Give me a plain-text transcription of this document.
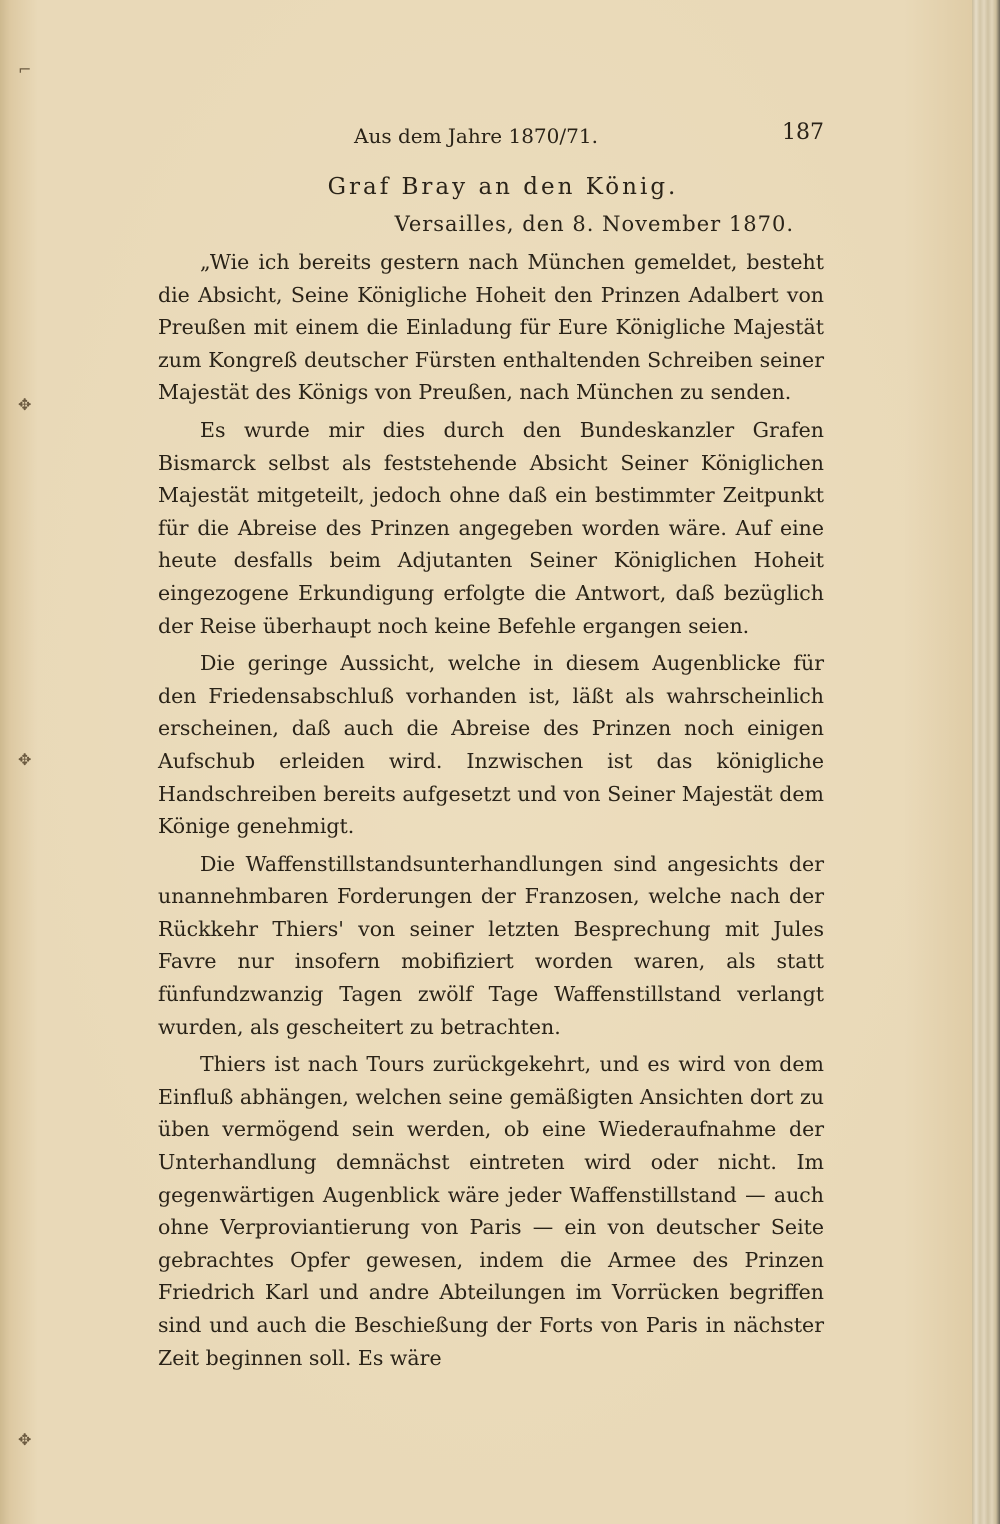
⌐
✥
✥
✥
Aus dem Jahre 1870/71.	187
Graf Bray an den König.
Versailles, den 8. November 1870.

„Wie ich bereits gestern nach München gemeldet, besteht die Absicht, Seine Königliche Hoheit den Prinzen Adalbert von Preußen mit einem die Einladung für Eure Königliche Majestät zum Kongreß deutscher Fürsten enthaltenden Schreiben seiner Majestät des Königs von Preußen, nach München zu senden.

Es wurde mir dies durch den Bundeskanzler Grafen Bismarck selbst als feststehende Absicht Seiner Königlichen Majestät mitgeteilt, jedoch ohne daß ein bestimmter Zeitpunkt für die Abreise des Prinzen angegeben worden wäre. Auf eine heute desfalls beim Adjutanten Seiner Königlichen Hoheit eingezogene Erkundigung erfolgte die Antwort, daß bezüglich der Reise überhaupt noch keine Befehle ergangen seien.

Die geringe Aussicht, welche in diesem Augenblicke für den Friedensabschluß vorhanden ist, läßt als wahrscheinlich erscheinen, daß auch die Abreise des Prinzen noch einigen Aufschub erleiden wird. Inzwischen ist das königliche Handschreiben bereits aufgesetzt und von Seiner Majestät dem Könige genehmigt.

Die Waffenstillstandsunterhandlungen sind angesichts der unannehmbaren Forderungen der Franzosen, welche nach der Rückkehr Thiers' von seiner letzten Besprechung mit Jules Favre nur insofern mobifiziert worden waren, als statt fünfundzwanzig Tagen zwölf Tage Waffenstillstand verlangt wurden, als gescheitert zu betrachten.

Thiers ist nach Tours zurückgekehrt, und es wird von dem Einfluß abhängen, welchen seine gemäßigten Ansichten dort zu üben vermögend sein werden, ob eine Wiederaufnahme der Unterhandlung demnächst eintreten wird oder nicht. Im gegenwärtigen Augenblick wäre jeder Waffenstillstand — auch ohne Verproviantierung von Paris — ein von deutscher Seite gebrachtes Opfer gewesen, indem die Armee des Prinzen Friedrich Karl und andre Abteilungen im Vorrücken begriffen sind und auch die Beschießung der Forts von Paris in nächster Zeit beginnen soll. Es wäre
